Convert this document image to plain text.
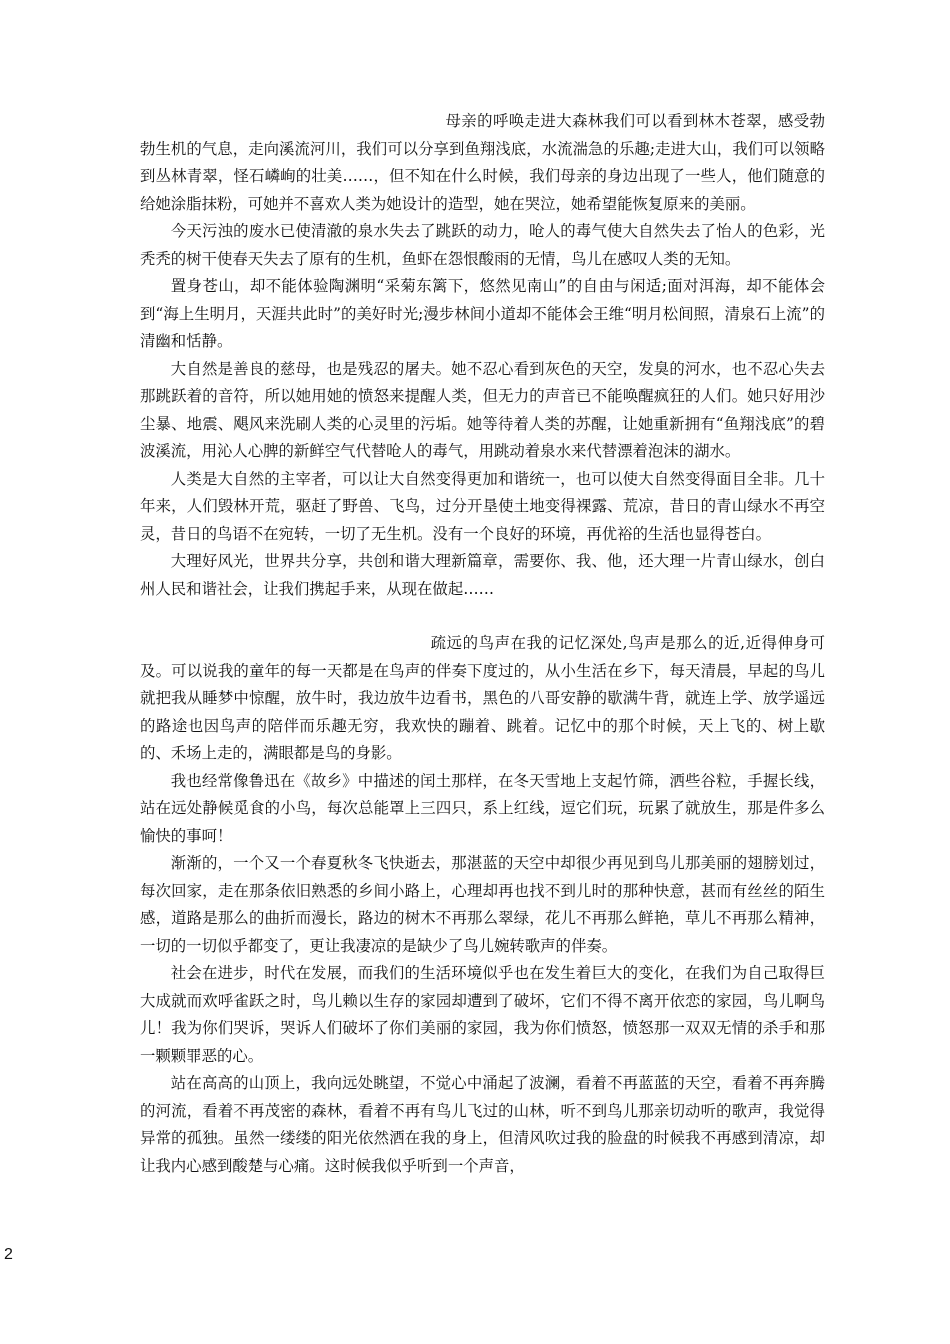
母亲的呼唤走进大森林我们可以看到林木苍翠，感受勃勃生机的气息，走向溪流河川，我们可以分享到鱼翔浅底，水流湍急的乐趣;走进大山，我们可以领略到丛林青翠，怪石嶙峋的壮美……，但不知在什么时候，我们母亲的身边出现了一些人，他们随意的给她涂脂抹粉，可她并不喜欢人类为她设计的造型，她在哭泣，她希望能恢复原来的美丽。

今天污浊的废水已使清澈的泉水失去了跳跃的动力，呛人的毒气使大自然失去了怡人的色彩，光秃秃的树干使春天失去了原有的生机，鱼虾在怨恨酸雨的无情，鸟儿在感叹人类的无知。

置身苍山，却不能体验陶渊明“采菊东篱下，悠然见南山”的自由与闲适;面对洱海，却不能体会到“海上生明月，天涯共此时”的美好时光;漫步林间小道却不能体会王维“明月松间照，清泉石上流”的清幽和恬静。

大自然是善良的慈母，也是残忍的屠夫。她不忍心看到灰色的天空，发臭的河水，也不忍心失去那跳跃着的音符，所以她用她的愤怒来提醒人类，但无力的声音已不能唤醒疯狂的人们。她只好用沙尘暴、地震、飓风来洗刷人类的心灵里的污垢。她等待着人类的苏醒，让她重新拥有“鱼翔浅底”的碧波溪流，用沁人心脾的新鲜空气代替呛人的毒气，用跳动着泉水来代替漂着泡沫的湖水。

人类是大自然的主宰者，可以让大自然变得更加和谐统一，也可以使大自然变得面目全非。几十年来，人们毁林开荒，驱赶了野兽、飞鸟，过分开垦使土地变得裸露、荒凉，昔日的青山绿水不再空灵，昔日的鸟语不在宛转，一切了无生机。没有一个良好的环境，再优裕的生活也显得苍白。

大理好风光，世界共分享，共创和谐大理新篇章，需要你、我、他，还大理一片青山绿水，创白州人民和谐社会，让我们携起手来，从现在做起……

疏远的鸟声在我的记忆深处,鸟声是那么的近,近得伸身可及。可以说我的童年的每一天都是在鸟声的伴奏下度过的，从小生活在乡下，每天清晨，早起的鸟儿就把我从睡梦中惊醒，放牛时，我边放牛边看书，黑色的八哥安静的歇满牛背，就连上学、放学遥远的路途也因鸟声的陪伴而乐趣无穷，我欢快的蹦着、跳着。记忆中的那个时候，天上飞的、树上歇的、禾场上走的，满眼都是鸟的身影。

我也经常像鲁迅在《故乡》中描述的闰土那样，在冬天雪地上支起竹筛，洒些谷粒，手握长线，站在远处静候觅食的小鸟，每次总能罩上三四只，系上红线，逗它们玩，玩累了就放生，那是件多么愉快的事呵！

渐渐的，一个又一个春夏秋冬飞快逝去，那湛蓝的天空中却很少再见到鸟儿那美丽的翅膀划过，每次回家，走在那条依旧熟悉的乡间小路上，心理却再也找不到儿时的那种快意，甚而有丝丝的陌生感，道路是那么的曲折而漫长，路边的树木不再那么翠绿，花儿不再那么鲜艳，草儿不再那么精神，一切的一切似乎都变了，更让我凄凉的是缺少了鸟儿婉转歌声的伴奏。

社会在进步，时代在发展，而我们的生活环境似乎也在发生着巨大的变化，在我们为自己取得巨大成就而欢呼雀跃之时，鸟儿赖以生存的家园却遭到了破坏，它们不得不离开依恋的家园，鸟儿啊鸟儿！我为你们哭诉，哭诉人们破坏了你们美丽的家园，我为你们愤怒，愤怒那一双双无情的杀手和那一颗颗罪恶的心。

站在高高的山顶上，我向远处眺望，不觉心中涌起了波澜，看着不再蓝蓝的天空，看着不再奔腾的河流，看着不再茂密的森林，看着不再有鸟儿飞过的山林，听不到鸟儿那亲切动听的歌声，我觉得异常的孤独。虽然一缕缕的阳光依然洒在我的身上，但清风吹过我的脸盘的时候我不再感到清凉，却让我内心感到酸楚与心痛。这时候我似乎听到一个声音，

2
